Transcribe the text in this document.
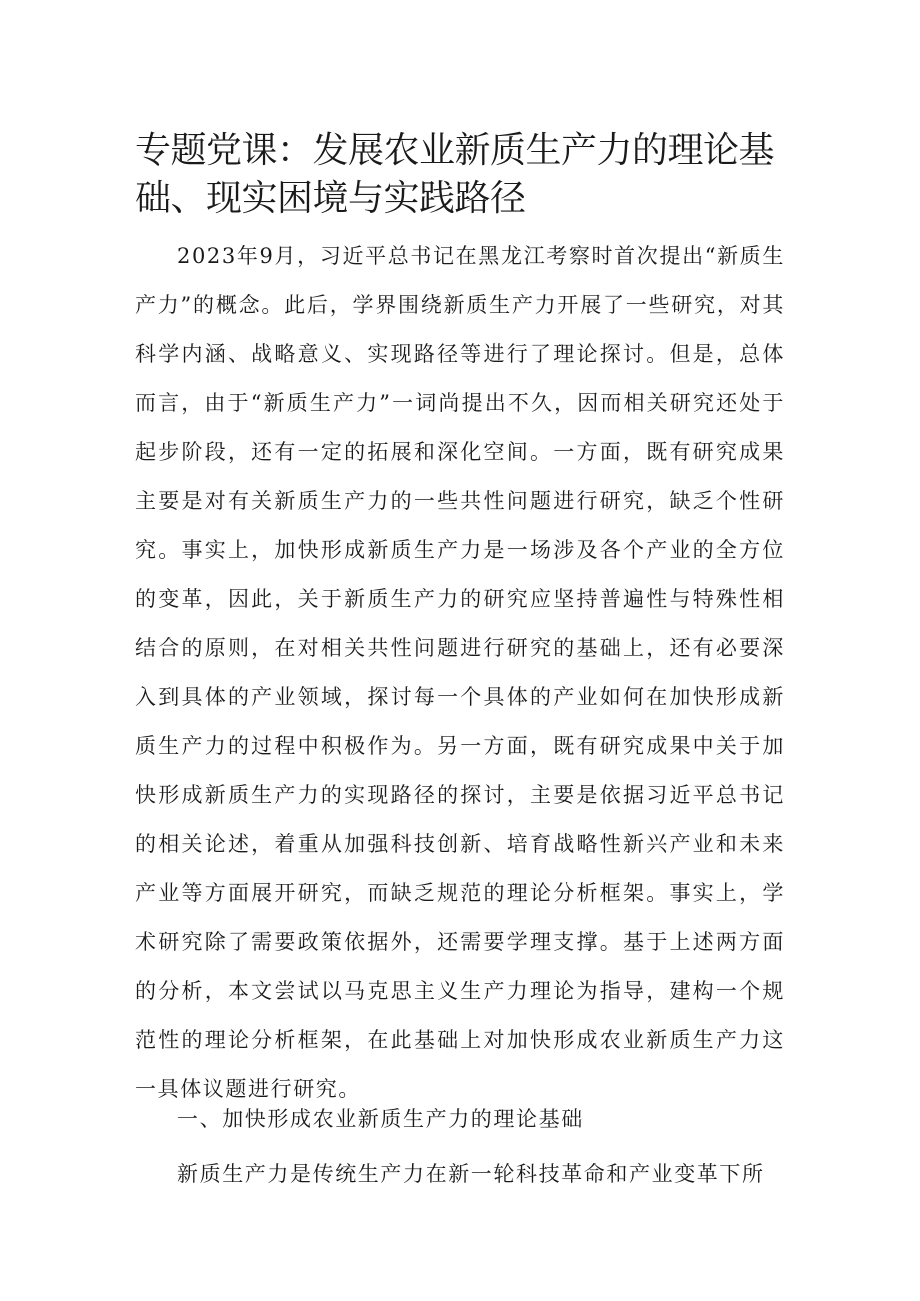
专题党课：发展农业新质生产力的理论基础、现实困境与实践路径

2023年9月，习近平总书记在黑龙江考察时首次提出“新质生产力”的概念。此后，学界围绕新质生产力开展了一些研究，对其科学内涵、战略意义、实现路径等进行了理论探讨。但是，总体而言，由于“新质生产力”一词尚提出不久，因而相关研究还处于起步阶段，还有一定的拓展和深化空间。一方面，既有研究成果主要是对有关新质生产力的一些共性问题进行研究，缺乏个性研究。事实上，加快形成新质生产力是一场涉及各个产业的全方位的变革，因此，关于新质生产力的研究应坚持普遍性与特殊性相结合的原则，在对相关共性问题进行研究的基础上，还有必要深入到具体的产业领域，探讨每一个具体的产业如何在加快形成新质生产力的过程中积极作为。另一方面，既有研究成果中关于加快形成新质生产力的实现路径的探讨，主要是依据习近平总书记的相关论述，着重从加强科技创新、培育战略性新兴产业和未来产业等方面展开研究，而缺乏规范的理论分析框架。事实上，学术研究除了需要政策依据外，还需要学理支撑。基于上述两方面的分析，本文尝试以马克思主义生产力理论为指导，建构一个规范性的理论分析框架，在此基础上对加快形成农业新质生产力这一具体议题进行研究。

一、加快形成农业新质生产力的理论基础

新质生产力是传统生产力在新一轮科技革命和产业变革下所
